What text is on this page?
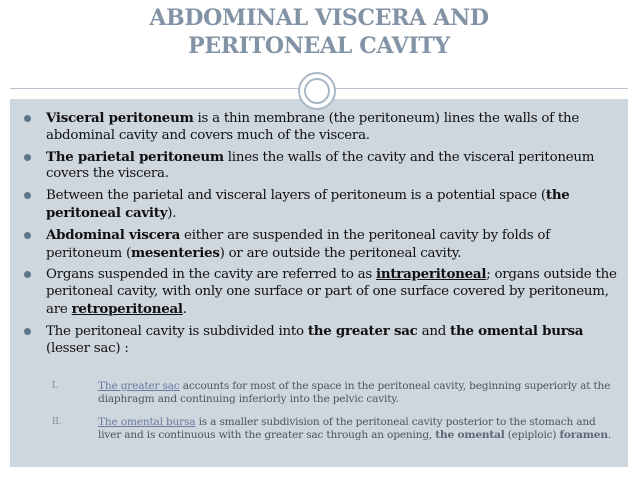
ABDOMINAL VISCERA AND
PERITONEAL CAVITY
Visceral peritoneum is a thin membrane (the peritoneum) lines the walls of the abdominal cavity and covers much of the viscera.
The parietal peritoneum lines the walls of the cavity and the visceral peritoneum covers the viscera.
Between the parietal and visceral layers of peritoneum is a potential space (the peritoneal cavity).
Abdominal viscera either are suspended in the peritoneal cavity by folds of peritoneum (mesenteries) or are outside the peritoneal cavity.
Organs suspended in the cavity are referred to as intraperitoneal; organs outside the peritoneal cavity, with only one surface or part of one surface covered by peritoneum, are retroperitoneal.
The peritoneal cavity is subdivided into the greater sac and the omental bursa (lesser sac) :
I.	The greater sac accounts for most of the space in the peritoneal cavity, beginning superiorly at the diaphragm and continuing inferiorly into the pelvic cavity.
II.	The omental bursa is a smaller subdivision of the peritoneal cavity posterior to the stomach and liver and is continuous with the greater sac through an opening, the omental (epiploic) foramen.
